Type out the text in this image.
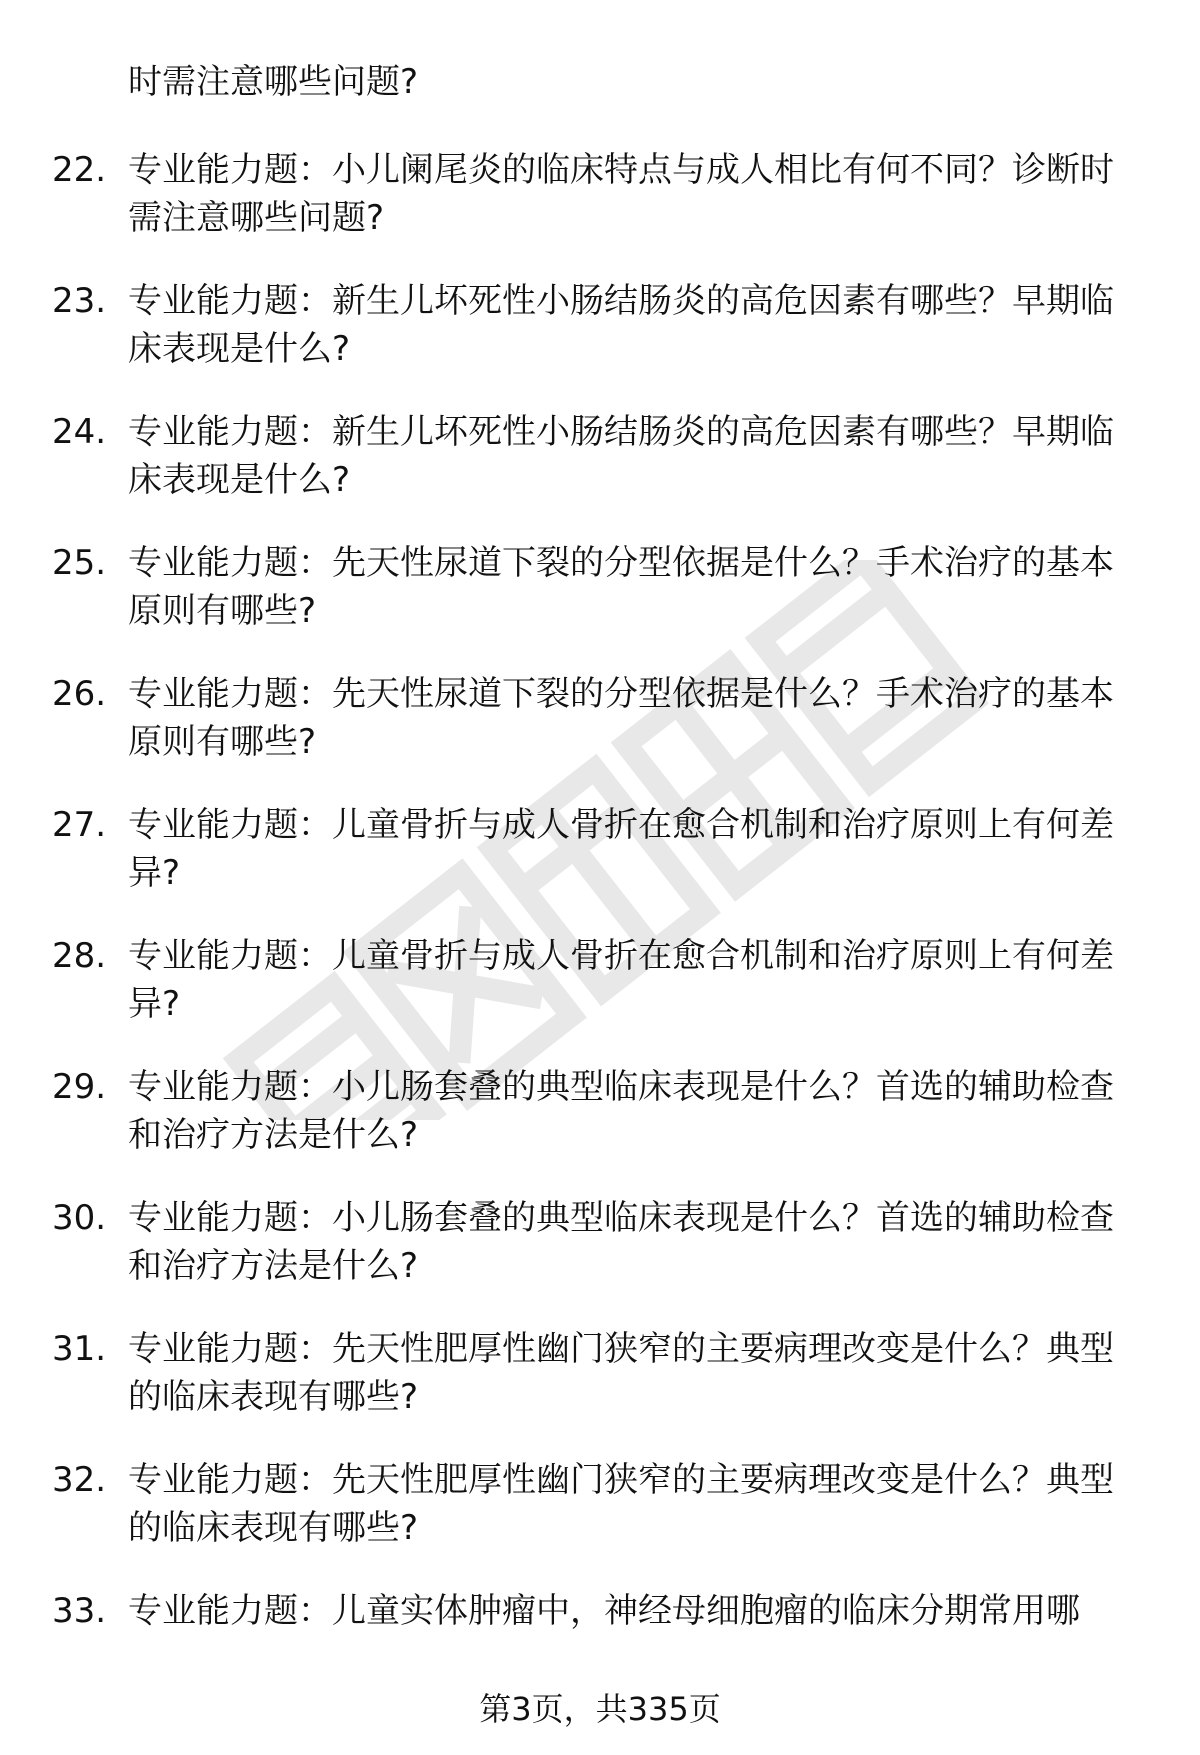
时需注意哪些问题?

22. 专业能力题：小儿阑尾炎的临床特点与成人相比有何不同？诊断时需注意哪些问题?
23. 专业能力题：新生儿坏死性小肠结肠炎的高危因素有哪些？早期临床表现是什么?
24. 专业能力题：新生儿坏死性小肠结肠炎的高危因素有哪些？早期临床表现是什么?
25. 专业能力题：先天性尿道下裂的分型依据是什么？手术治疗的基本原则有哪些?
26. 专业能力题：先天性尿道下裂的分型依据是什么？手术治疗的基本原则有哪些?
27. 专业能力题：儿童骨折与成人骨折在愈合机制和治疗原则上有何差异?
28. 专业能力题：儿童骨折与成人骨折在愈合机制和治疗原则上有何差异?
29. 专业能力题：小儿肠套叠的典型临床表现是什么？首选的辅助检查和治疗方法是什么?
30. 专业能力题：小儿肠套叠的典型临床表现是什么？首选的辅助检查和治疗方法是什么?
31. 专业能力题：先天性肥厚性幽门狭窄的主要病理改变是什么？典型的临床表现有哪些?
32. 专业能力题：先天性肥厚性幽门狭窄的主要病理改变是什么？典型的临床表现有哪些?
33. 专业能力题：儿童实体肿瘤中，神经母细胞瘤的临床分期常用哪
第3页，共335页
